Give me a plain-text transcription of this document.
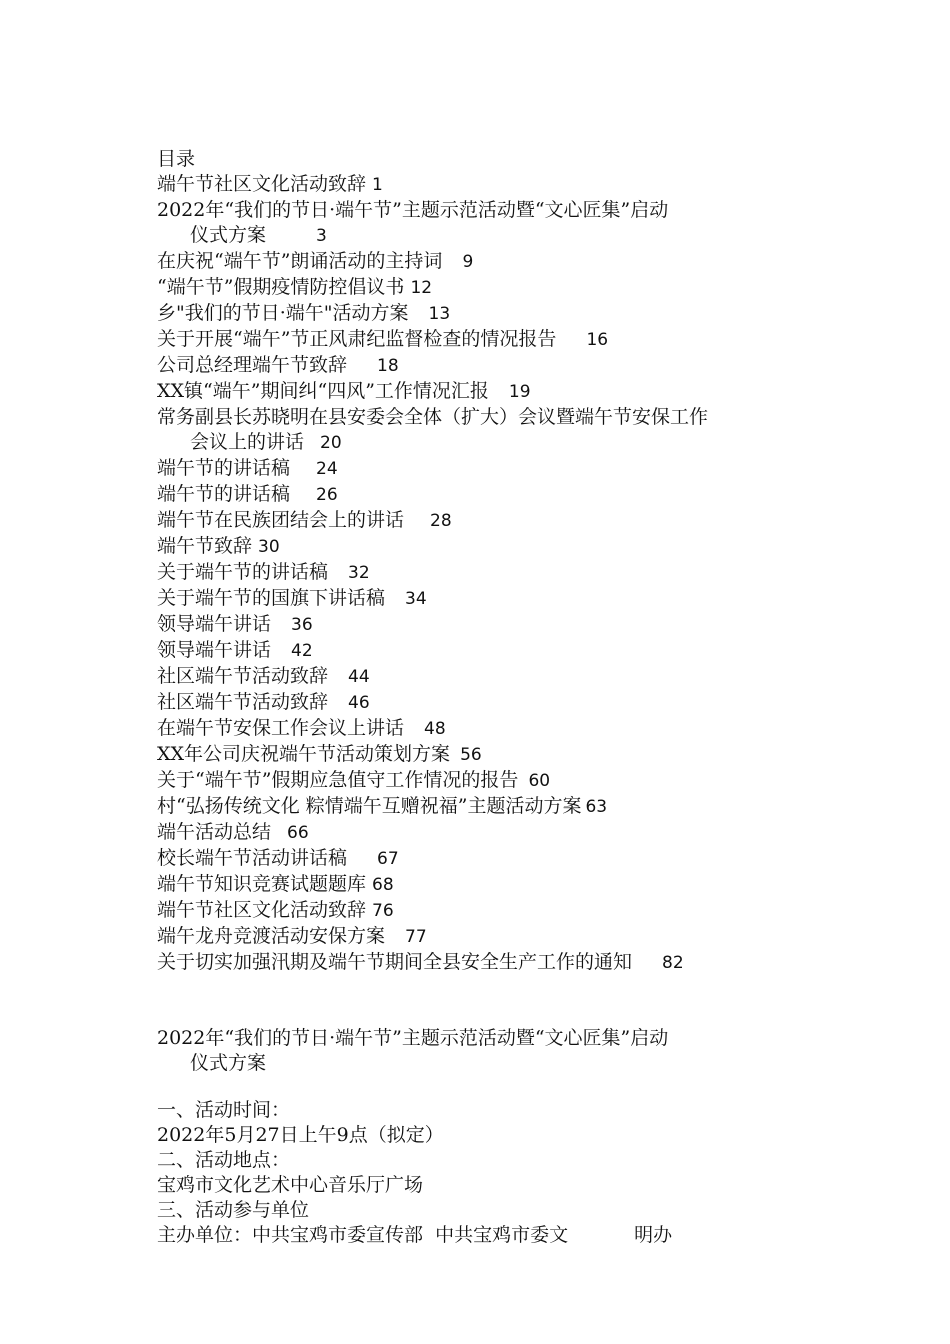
目录
端午节社区文化活动致辞 1
2022年“我们的节日·端午节”主题示范活动暨“文心匠集”启动
仪式方案	3
在庆祝“端午节”朗诵活动的主持词 9
“端午节”假期疫情防控倡议书 12
乡"我们的节日·端午"活动方案 13
关于开展“端午”节正风肃纪监督检查的情况报告 16
公司总经理端午节致辞 18
XX镇“端午”期间纠“四风”工作情况汇报 19
常务副县长苏晓明在县安委会全体（扩大）会议暨端午节安保工作
会议上的讲话 20
端午节的讲话稿 24
端午节的讲话稿 26
端午节在民族团结会上的讲话 28
端午节致辞 30
关于端午节的讲话稿 32
关于端午节的国旗下讲话稿 34
领导端午讲话 36
领导端午讲话 42
社区端午节活动致辞 44
社区端午节活动致辞 46
在端午节安保工作会议上讲话 48
XX年公司庆祝端午节活动策划方案 56
关于“端午节”假期应急值守工作情况的报告 60
村“弘扬传统文化 粽情端午互赠祝福”主题活动方案 63
端午活动总结 66
校长端午节活动讲话稿 67
端午节知识竞赛试题题库 68
端午节社区文化活动致辞 76
端午龙舟竞渡活动安保方案 77
关于切实加强汛期及端午节期间全县安全生产工作的通知 82
2022年“我们的节日·端午节”主题示范活动暨“文心匠集”启动
仪式方案
一、活动时间：
2022年5月27日上午9点（拟定）
二、活动地点：
宝鸡市文化艺术中心音乐厅广场
三、活动参与单位
主办单位：中共宝鸡市委宣传部 中共宝鸡市委文	明办
